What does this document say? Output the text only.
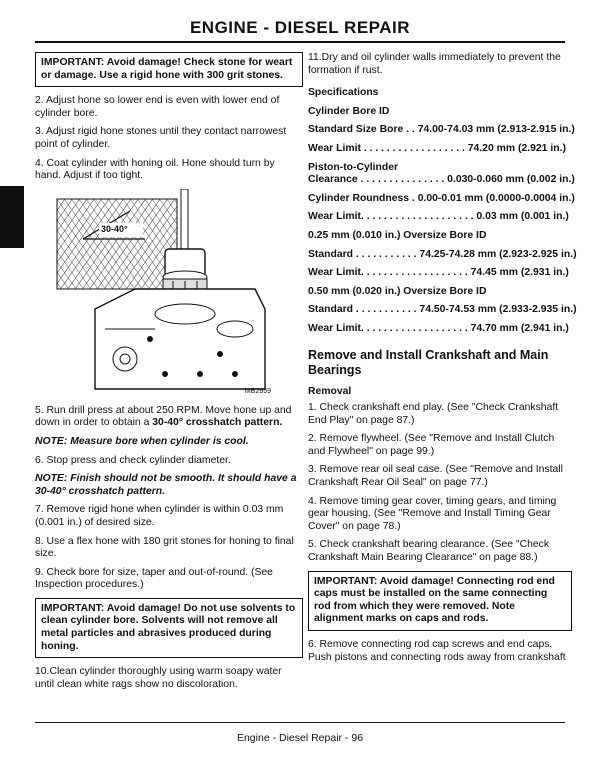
ENGINE - DIESEL REPAIR
IMPORTANT: Avoid damage! Check stone for weart or damage. Use a rigid hone with 300 grit stones.

2. Adjust hone so lower end is even with lower end of cylinder bore.

3. Adjust rigid hone stones until they contact narrowest point of cylinder.

4. Coat cylinder with honing oil. Hone should turn by hand. Adjust if too tight.

30-40°
MB2959

5. Run drill press at about 250 RPM. Move hone up and down in order to obtain a 30-40° crosshatch pattern.

NOTE: Measure bore when cylinder is cool.

6. Stop press and check cylinder diameter.

NOTE: Finish should not be smooth. It should have a 30-40° crosshatch pattern.

7. Remove rigid hone when cylinder is within 0.03 mm (0.001 in.) of desired size.

8. Use a flex hone with 180 grit stones for honing to final size.

9. Check bore for size, taper and out-of-round. (See Inspection procedures.)

IMPORTANT: Avoid damage! Do not use solvents to clean cylinder bore. Solvents will not remove all metal particles and abrasives produced during honing.

10.Clean cylinder thoroughly using warm soapy water until clean white rags show no discoloration.

11.Dry and oil cylinder walls immediately to prevent the formation if rust.

Specifications
Cylinder Bore ID
Standard Size Bore . . 74.00-74.03 mm (2.913-2.915 in.)
Wear Limit . . . . . . . . . . . . . . . . . . 74.20 mm (2.921 in.)
Piston-to-Cylinder
Clearance . . . . . . . . . . . . . . . 0.030-0.060 mm (0.002 in.)
Cylinder Roundness . 0.00-0.01 mm (0.0000-0.0004 in.)
Wear Limit. . . . . . . . . . . . . . . . . . . . 0.03 mm (0.001 in.)
0.25 mm (0.010 in.) Oversize Bore ID
Standard . . . . . . . . . . . 74.25-74.28 mm (2.923-2.925 in.)
Wear Limit. . . . . . . . . . . . . . . . . . . 74.45 mm (2.931 in.)
0.50 mm (0.020 in.) Oversize Bore ID
Standard . . . . . . . . . . . 74.50-74.53 mm (2.933-2.935 in.)
Wear Limit. . . . . . . . . . . . . . . . . . . 74.70 mm (2.941 in.)
Remove and Install Crankshaft and Main Bearings
Removal

1. Check crankshaft end play. (See "Check Crankshaft End Play" on page 87.)

2. Remove flywheel. (See "Remove and Install Clutch and Flywheel" on page 99.)

3. Remove rear oil seal case. (See "Remove and Install Crankshaft Rear Oil Seal" on page 77.)

4. Remove timing gear cover, timing gears, and timing gear housing. (See "Remove and Install Timing Gear Cover" on page 78.)

5. Check crankshaft bearing clearance. (See "Check Crankshaft Main Bearing Clearance" on page 88.)

IMPORTANT: Avoid damage! Connecting rod end caps must be installed on the same connecting rod from which they were removed. Note alignment marks on caps and rods.

6. Remove connecting rod cap screws and end caps. Push pistons and connecting rods away from crankshaft

Engine - Diesel Repair - 96
